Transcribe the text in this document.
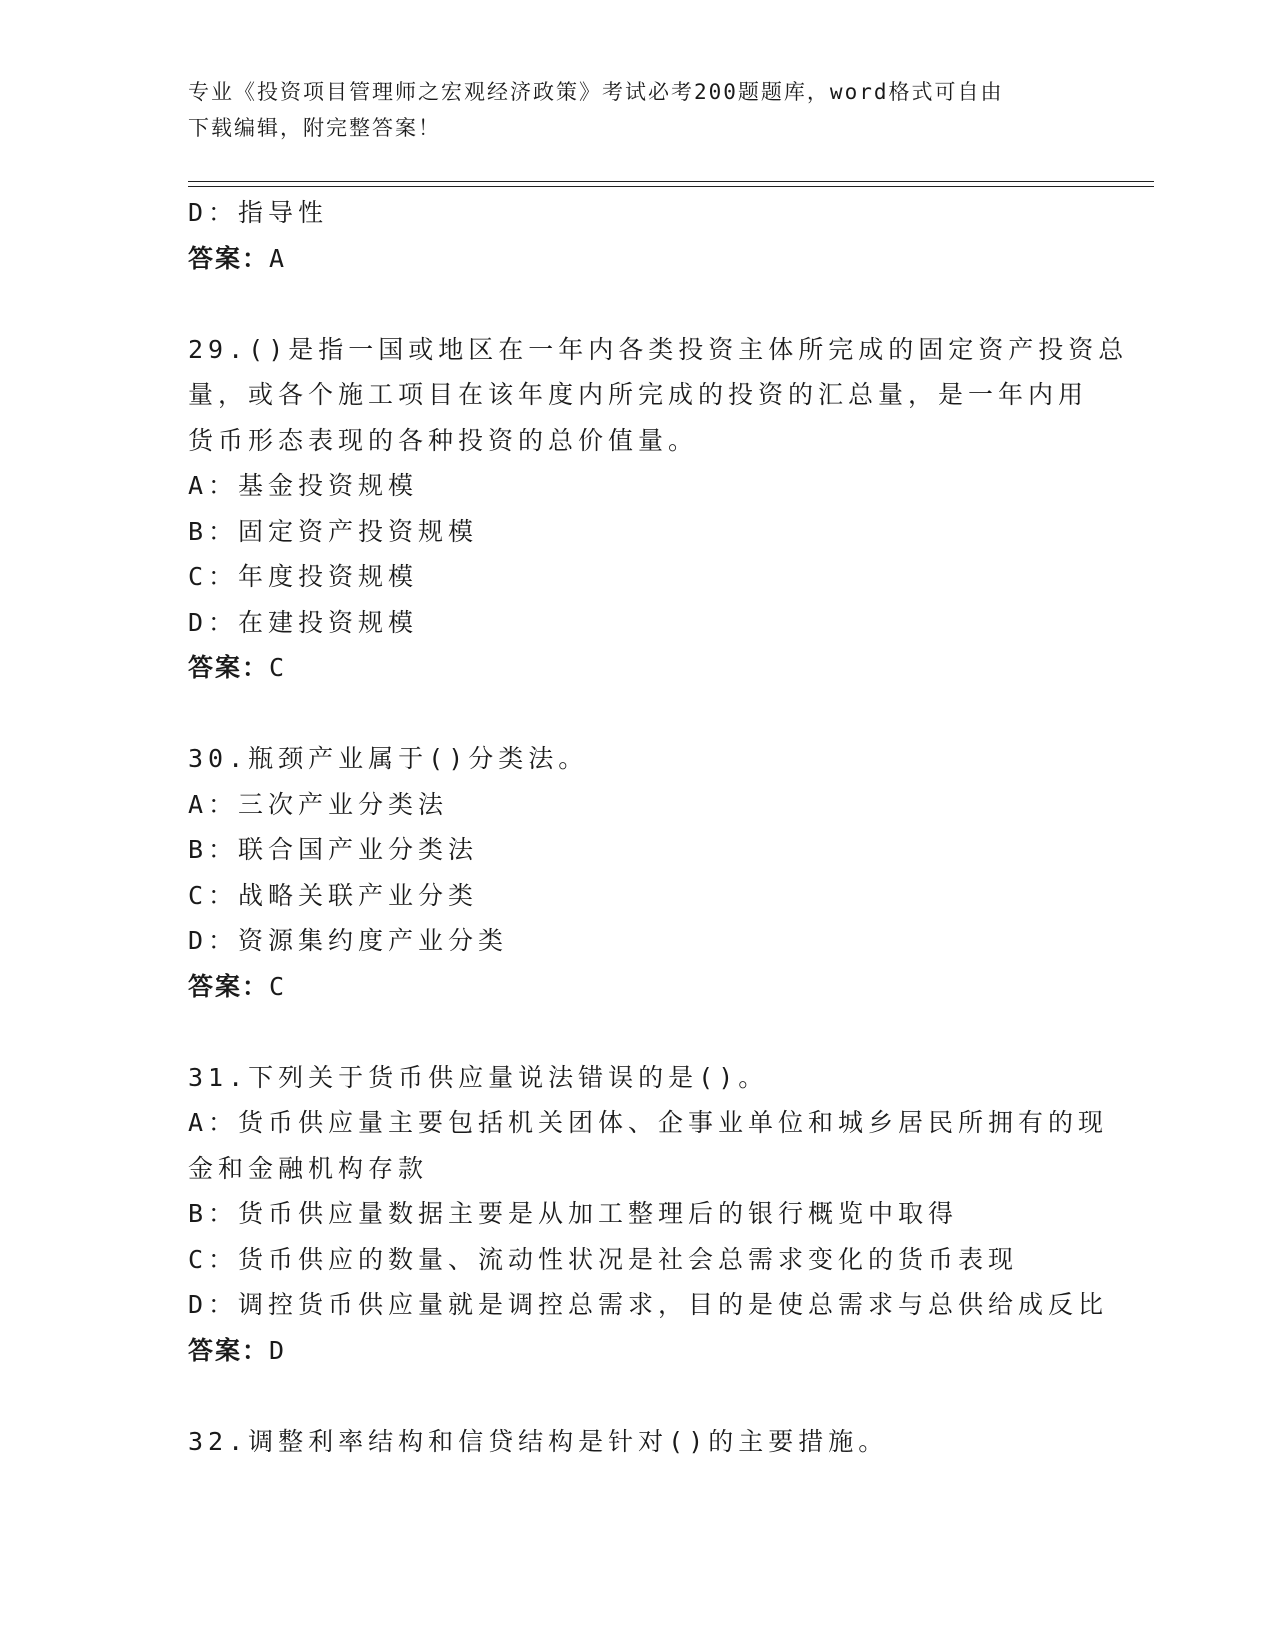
专业《投资项目管理师之宏观经济政策》考试必考200题题库，word格式可自由
下载编辑，附完整答案！
D：指导性
答案：A
29.()是指一国或地区在一年内各类投资主体所完成的固定资产投资总
量，或各个施工项目在该年度内所完成的投资的汇总量，是一年内用
货币形态表现的各种投资的总价值量。
A：基金投资规模
B：固定资产投资规模
C：年度投资规模
D：在建投资规模
答案：C
30.瓶颈产业属于()分类法。
A：三次产业分类法
B：联合国产业分类法
C：战略关联产业分类
D：资源集约度产业分类
答案：C
31.下列关于货币供应量说法错误的是()。
A：货币供应量主要包括机关团体、企事业单位和城乡居民所拥有的现
金和金融机构存款
B：货币供应量数据主要是从加工整理后的银行概览中取得
C：货币供应的数量、流动性状况是社会总需求变化的货币表现
D：调控货币供应量就是调控总需求，目的是使总需求与总供给成反比
答案：D
32.调整利率结构和信贷结构是针对()的主要措施。
